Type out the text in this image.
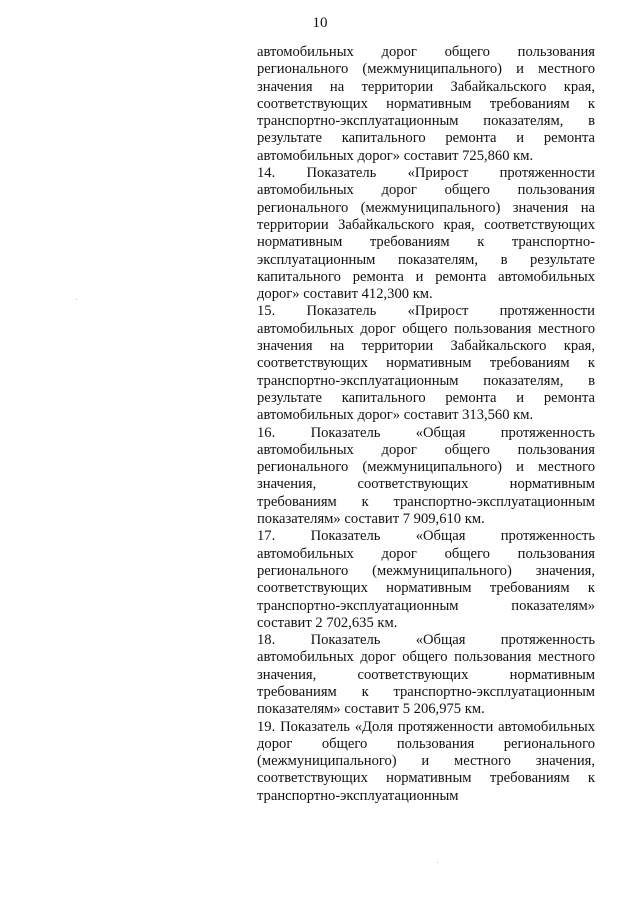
10

автомобильных дорог общего пользования регионального (межмуниципального) и местного значения на территории Забайкальского края, соответствующих нормативным требованиям к транспортно-эксплуатационным показателям, в результате капитального ремонта и ремонта автомобильных дорог» составит 725,860 км.

14. Показатель «Прирост протяженности автомобильных дорог общего пользования регионального (межмуниципального) значения на территории Забайкальского края, соответствующих нормативным требованиям к транспортно-эксплуатационным показателям, в результате капитального ремонта и ремонта автомобильных дорог» составит 412,300 км.

15. Показатель «Прирост протяженности автомобильных дорог общего пользования местного значения на территории Забайкальского края, соответствующих нормативным требованиям к транспортно-эксплуатационным показателям, в результате капитального ремонта и ремонта автомобильных дорог» составит 313,560 км.

16. Показатель «Общая протяженность автомобильных дорог общего пользования регионального (межмуниципального) и местного значения, соответствующих нормативным требованиям к транспортно-эксплуатационным показателям» составит 7 909,610 км.

17. Показатель «Общая протяженность автомобильных дорог общего пользования регионального (межмуниципального) значения, соответствующих нормативным требованиям к транспортно-эксплуатационным показателям» составит 2 702,635 км.

18. Показатель «Общая протяженность автомобильных дорог общего пользования местного значения, соответствующих нормативным требованиям к транспортно-эксплуатационным показателям» составит 5 206,975 км.

19. Показатель «Доля протяженности автомобильных дорог общего пользования регионального (межмуниципального) и местного значения, соответствующих нормативным требованиям к транспортно-эксплуатационным
